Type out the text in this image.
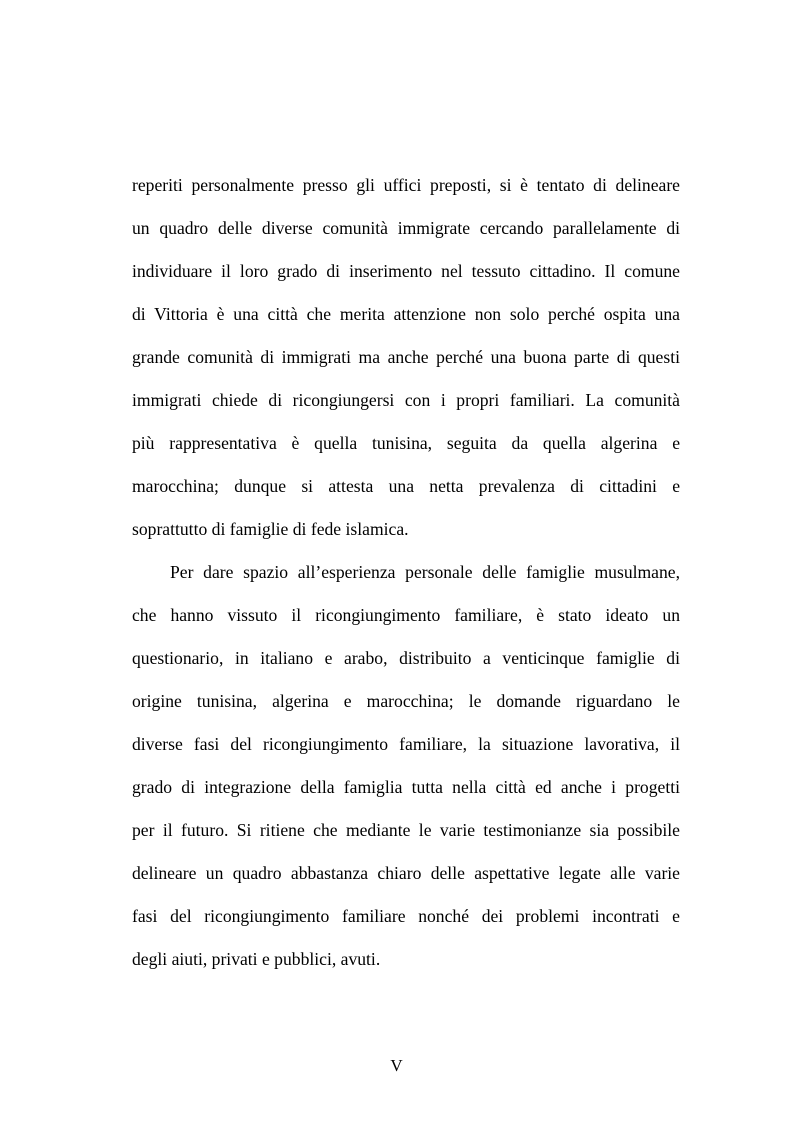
reperiti personalmente presso gli uffici preposti, si è tentato di delineare
un quadro delle diverse comunità immigrate cercando parallelamente di
individuare il loro grado di inserimento nel tessuto cittadino. Il comune
di Vittoria è una città che merita attenzione non solo perché ospita una
grande comunità di immigrati ma anche perché una buona parte di questi
immigrati chiede di ricongiungersi con i propri familiari. La comunità
più rappresentativa è quella tunisina, seguita da quella algerina e
marocchina; dunque si attesta una netta prevalenza di cittadini e
soprattutto di famiglie di fede islamica.
Per dare spazio all’esperienza personale delle famiglie musulmane,
che hanno vissuto il ricongiungimento familiare, è stato ideato un
questionario, in italiano e arabo, distribuito a venticinque famiglie di
origine tunisina, algerina e marocchina; le domande riguardano le
diverse fasi del ricongiungimento familiare, la situazione lavorativa, il
grado di integrazione della famiglia tutta nella città ed anche i progetti
per il futuro. Si ritiene che mediante le varie testimonianze sia possibile
delineare un quadro abbastanza chiaro delle aspettative legate alle varie
fasi del ricongiungimento familiare nonché dei problemi incontrati e
degli aiuti, privati e pubblici, avuti.
V
